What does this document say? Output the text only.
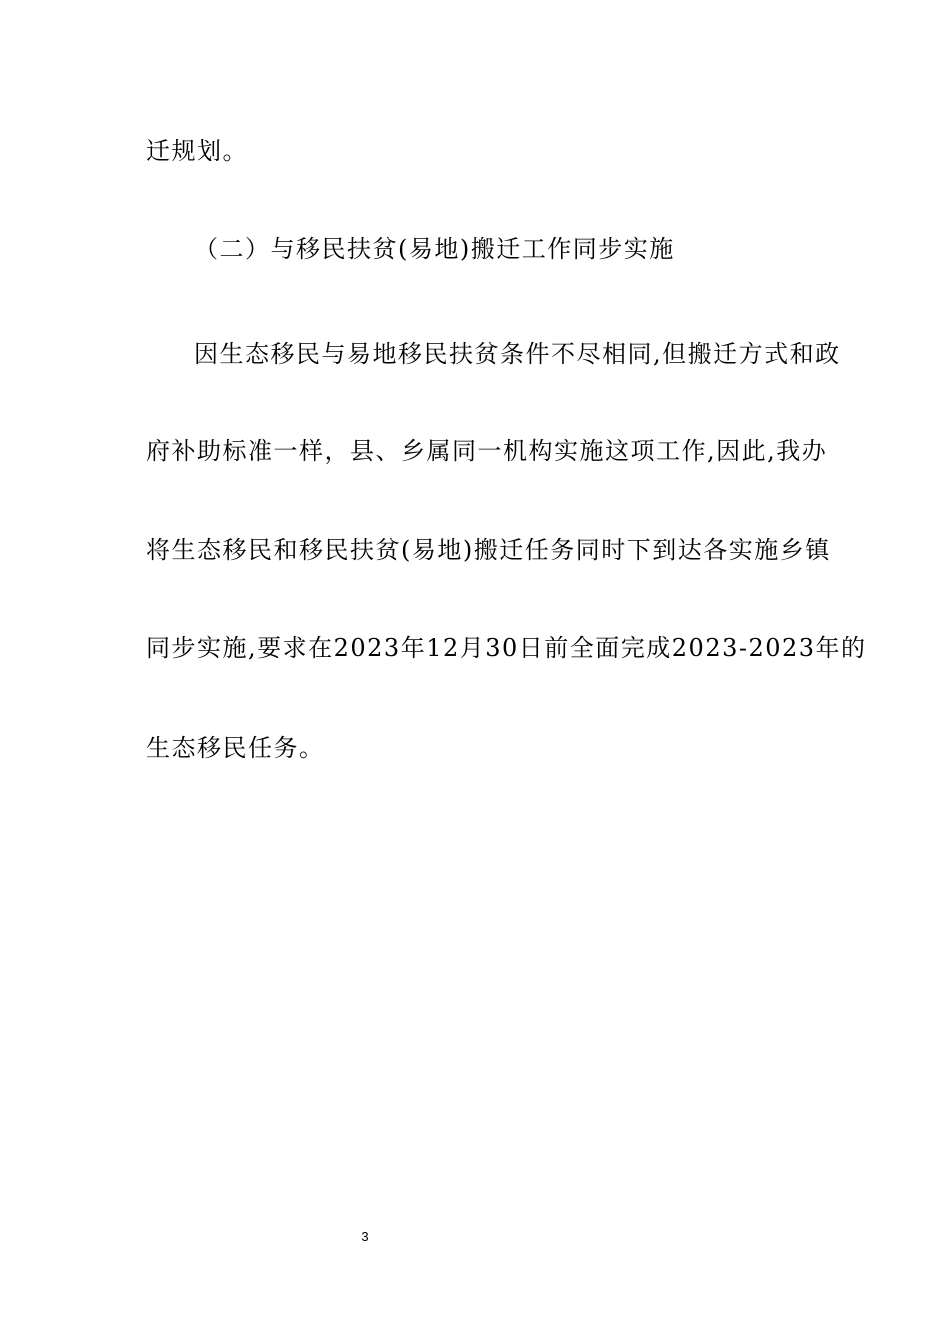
迁规划。
（二）与移民扶贫(易地)搬迁工作同步实施
因生态移民与易地移民扶贫条件不尽相同,但搬迁方式和政
府补助标准一样，县、乡属同一机构实施这项工作,因此,我办
将生态移民和移民扶贫(易地)搬迁任务同时下到达各实施乡镇
同步实施,要求在2023年12月30日前全面完成2023-2023年的
生态移民任务。
3
